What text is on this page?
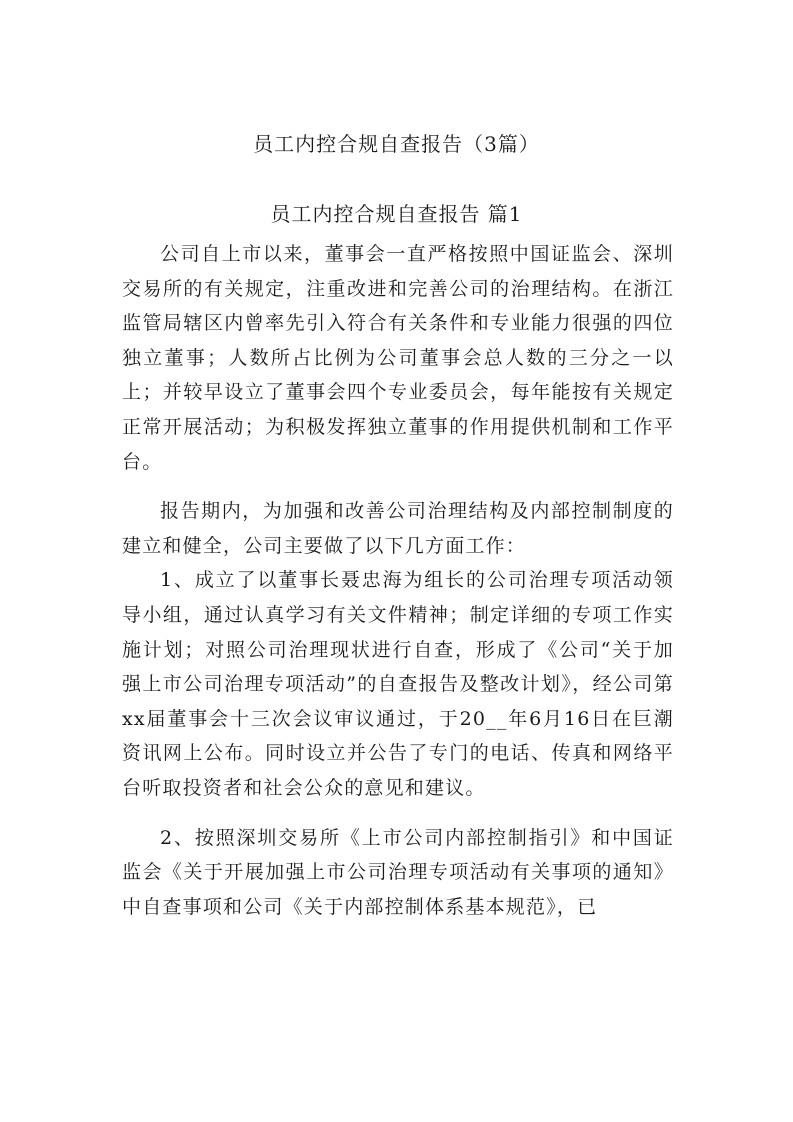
员工内控合规自查报告（3篇）
员工内控合规自查报告 篇1

公司自上市以来，董事会一直严格按照中国证监会、深圳交易所的有关规定，注重改进和完善公司的治理结构。在浙江监管局辖区内曾率先引入符合有关条件和专业能力很强的四位独立董事；人数所占比例为公司董事会总人数的三分之一以上；并较早设立了董事会四个专业委员会，每年能按有关规定正常开展活动；为积极发挥独立董事的作用提供机制和工作平台。

报告期内，为加强和改善公司治理结构及内部控制制度的建立和健全，公司主要做了以下几方面工作：

1、成立了以董事长聂忠海为组长的公司治理专项活动领导小组，通过认真学习有关文件精神；制定详细的专项工作实施计划；对照公司治理现状进行自查，形成了《公司“关于加强上市公司治理专项活动”的自查报告及整改计划》，经公司第xx届董事会十三次会议审议通过，于20__年6月16日在巨潮资讯网上公布。同时设立并公告了专门的电话、传真和网络平台听取投资者和社会公众的意见和建议。

2、按照深圳交易所《上市公司内部控制指引》和中国证监会《关于开展加强上市公司治理专项活动有关事项的通知》中自查事项和公司《关于内部控制体系基本规范》，已
